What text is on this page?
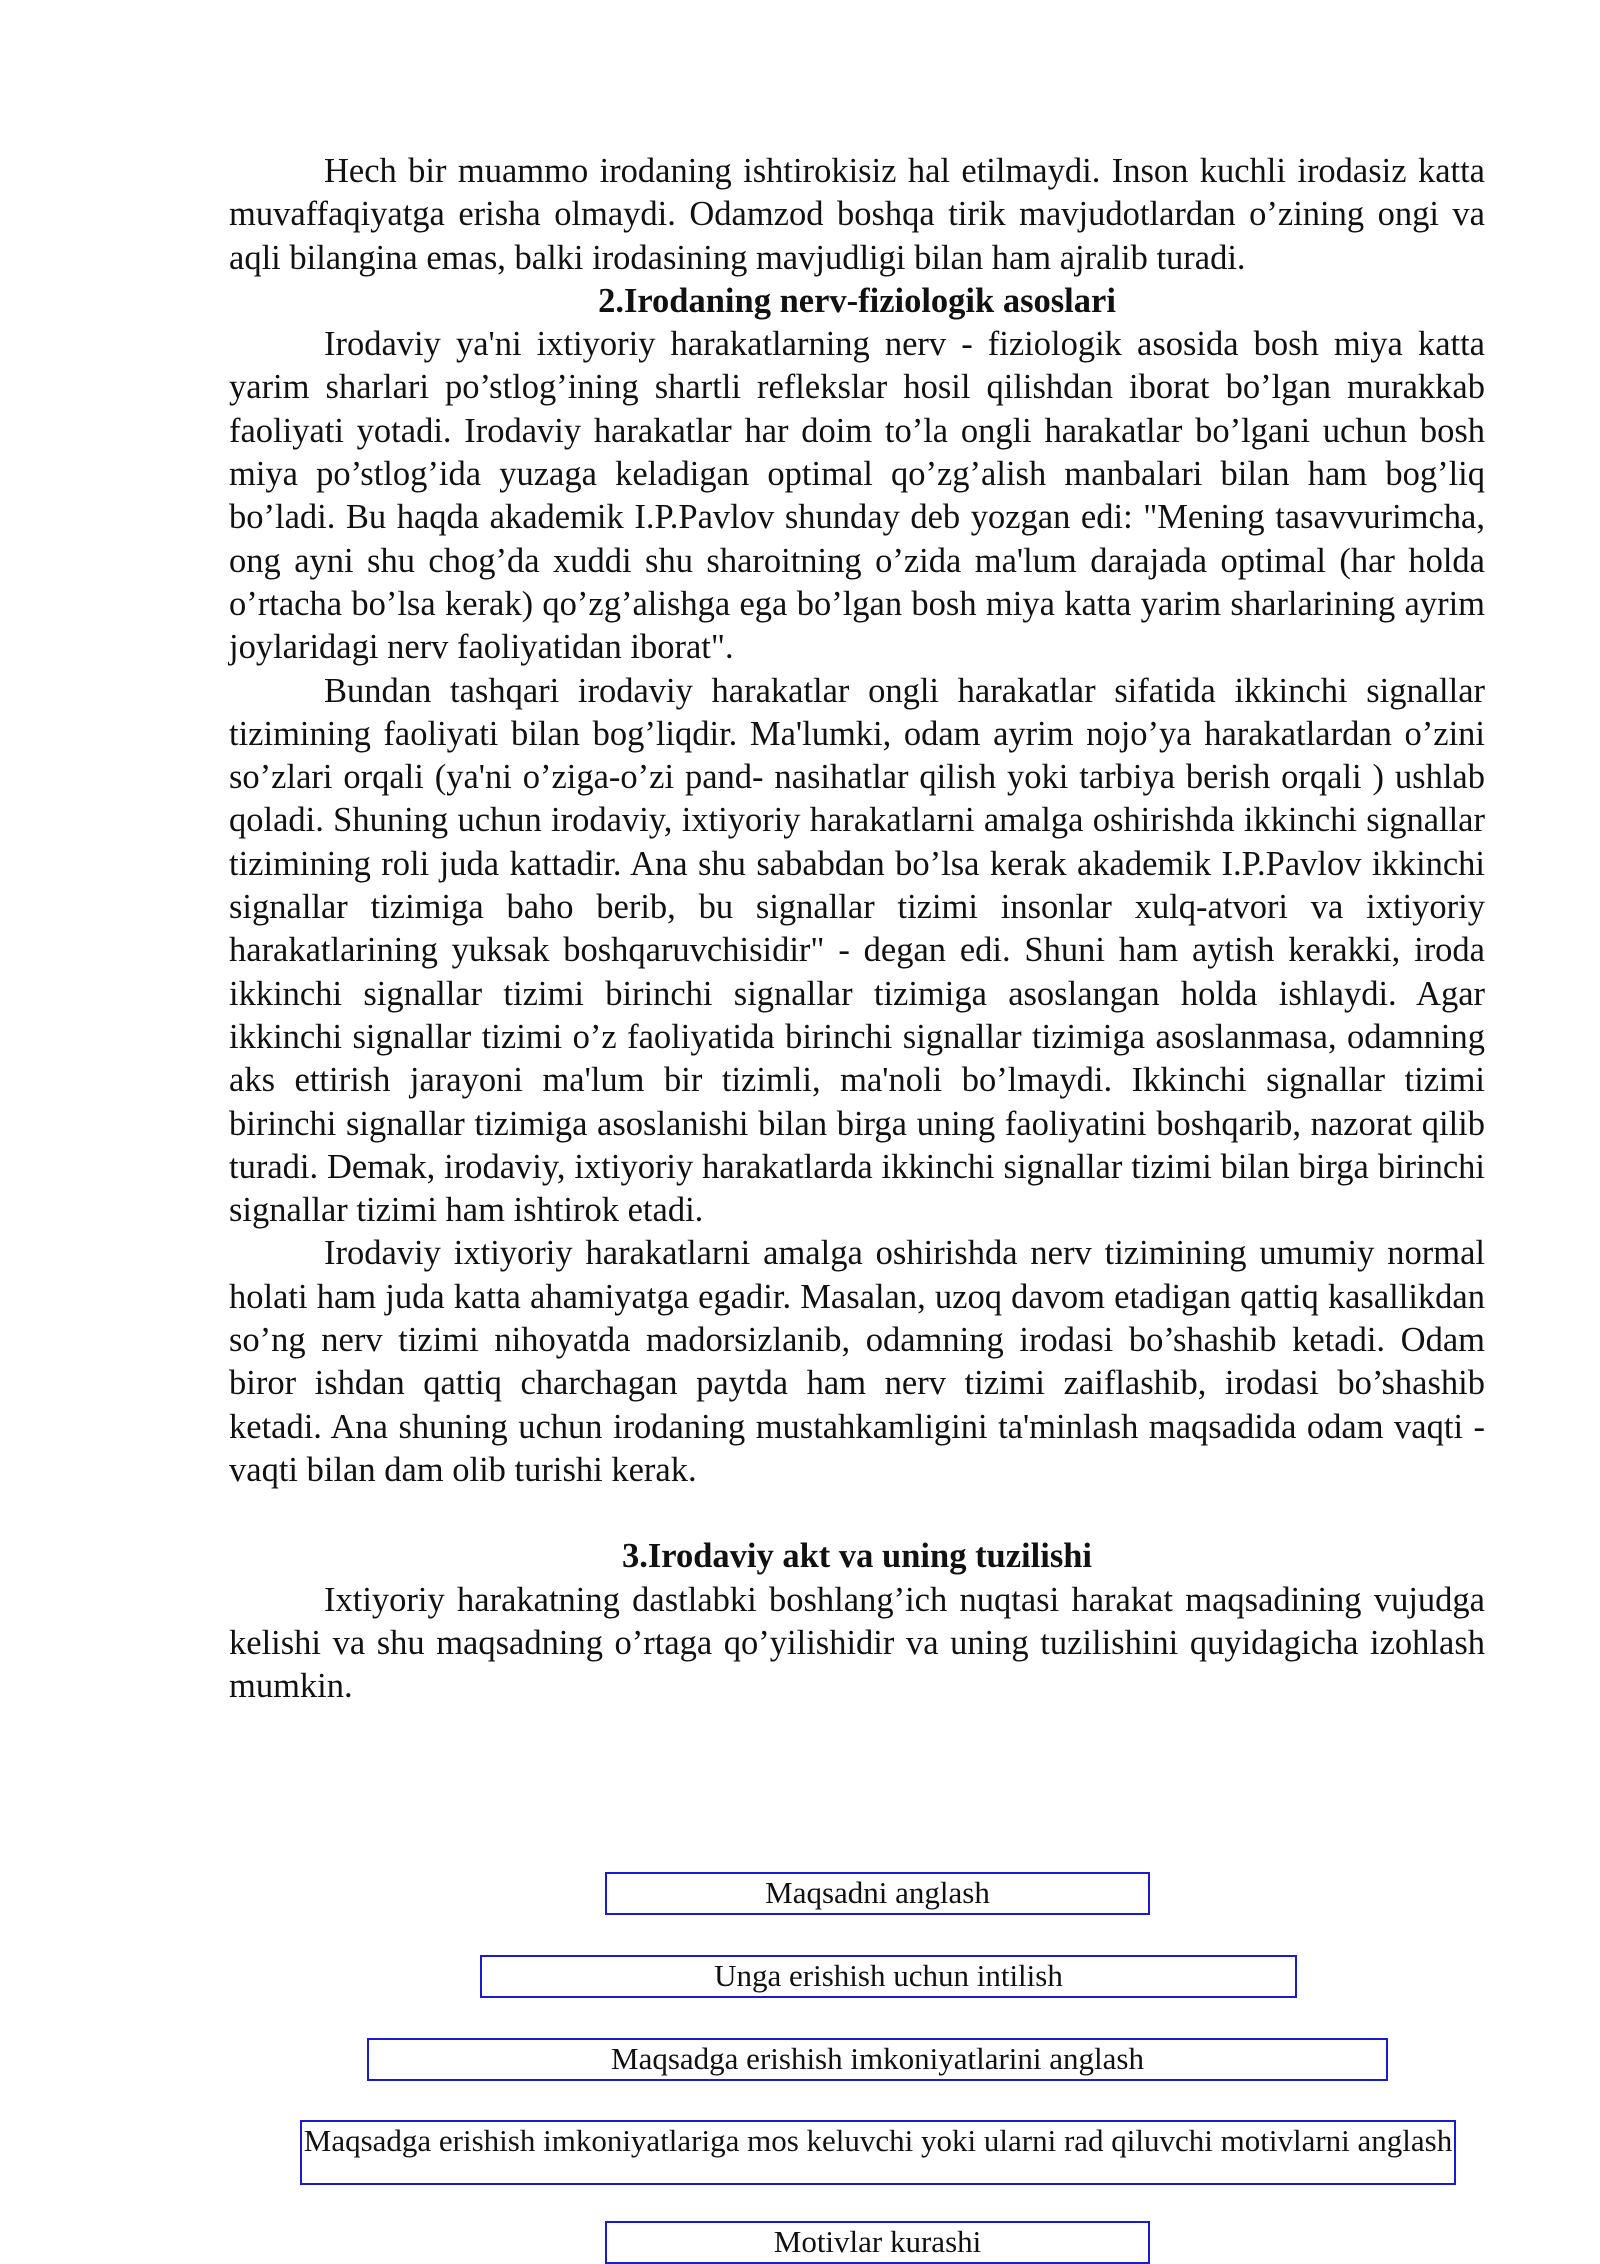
Hech bir muammo irodaning ishtirokisiz hal etilmaydi. Inson kuchli irodasiz katta muvaffaqiyatga erisha olmaydi. Odamzod boshqa tirik mavjudotlardan o’zining ongi va aqli bilangina emas, balki irodasining mavjudligi bilan ham ajralib turadi.

2.Irodaning nerv-fiziologik asoslari

Irodaviy ya'ni ixtiyoriy harakatlarning nerv - fiziologik asosida bosh miya katta yarim sharlari po’stlog’ining shartli reflekslar hosil qilishdan iborat bo’lgan murakkab faoliyati yotadi. Irodaviy harakatlar har doim to’la ongli harakatlar bo’lgani uchun bosh miya po’stlog’ida yuzaga keladigan optimal qo’zg’alish manbalari bilan ham bog’liq bo’ladi. Bu haqda akademik I.P.Pavlov shunday deb yozgan edi: "Mening tasavvurimcha, ong ayni shu chog’da xuddi shu sharoitning o’zida ma'lum darajada optimal (har holda o’rtacha bo’lsa kerak) qo’zg’alishga ega bo’lgan bosh miya katta yarim sharlarining ayrim joylaridagi nerv faoliyatidan iborat".

Bundan tashqari irodaviy harakatlar ongli harakatlar sifatida ikkinchi signallar tizimining faoliyati bilan bog’liqdir. Ma'lumki, odam ayrim nojo’ya harakatlardan o’zini so’zlari orqali (ya'ni o’ziga-o’zi pand- nasihatlar qilish yoki tarbiya berish orqali ) ushlab qoladi. Shuning uchun irodaviy, ixtiyoriy harakatlarni amalga oshirishda ikkinchi signallar tizimining roli juda kattadir. Ana shu sababdan bo’lsa kerak akademik I.P.Pavlov ikkinchi signallar tizimiga baho berib, bu signallar tizimi insonlar xulq-atvori va ixtiyoriy harakatlarining yuksak boshqaruvchisidir" - degan edi. Shuni ham aytish kerakki, iroda ikkinchi signallar tizimi birinchi signallar tizimiga asoslangan holda ishlaydi. Agar ikkinchi signallar tizimi o’z faoliyatida birinchi signallar tizimiga asoslanmasa, odamning aks ettirish jarayoni ma'lum bir tizimli, ma'noli bo’lmaydi. Ikkinchi signallar tizimi birinchi signallar tizimiga asoslanishi bilan birga uning faoliyatini boshqarib, nazorat qilib turadi. Demak, irodaviy, ixtiyoriy harakatlarda ikkinchi signallar tizimi bilan birga birinchi signallar tizimi ham ishtirok etadi.

Irodaviy ixtiyoriy harakatlarni amalga oshirishda nerv tizimining umumiy normal holati ham juda katta ahamiyatga egadir. Masalan, uzoq davom etadigan qattiq kasallikdan so’ng nerv tizimi nihoyatda madorsizlanib, odamning irodasi bo’shashib ketadi. Odam biror ishdan qattiq charchagan paytda ham nerv tizimi zaiflashib, irodasi bo’shashib ketadi. Ana shuning uchun irodaning mustahkamligini ta'minlash maqsadida odam vaqti - vaqti bilan dam olib turishi kerak.

3.Irodaviy akt va uning tuzilishi

Ixtiyoriy harakatning dastlabki boshlang’ich nuqtasi harakat maqsadining vujudga kelishi va shu maqsadning o’rtaga qo’yilishidir va uning tuzilishini quyidagicha izohlash mumkin.

Maqsadni anglash
Unga erishish uchun intilish
Maqsadga erishish imkoniyatlarini anglash
Maqsadga erishish imkoniyatlariga mos keluvchi yoki ularni rad qiluvchi motivlarni anglash
Motivlar kurashi
